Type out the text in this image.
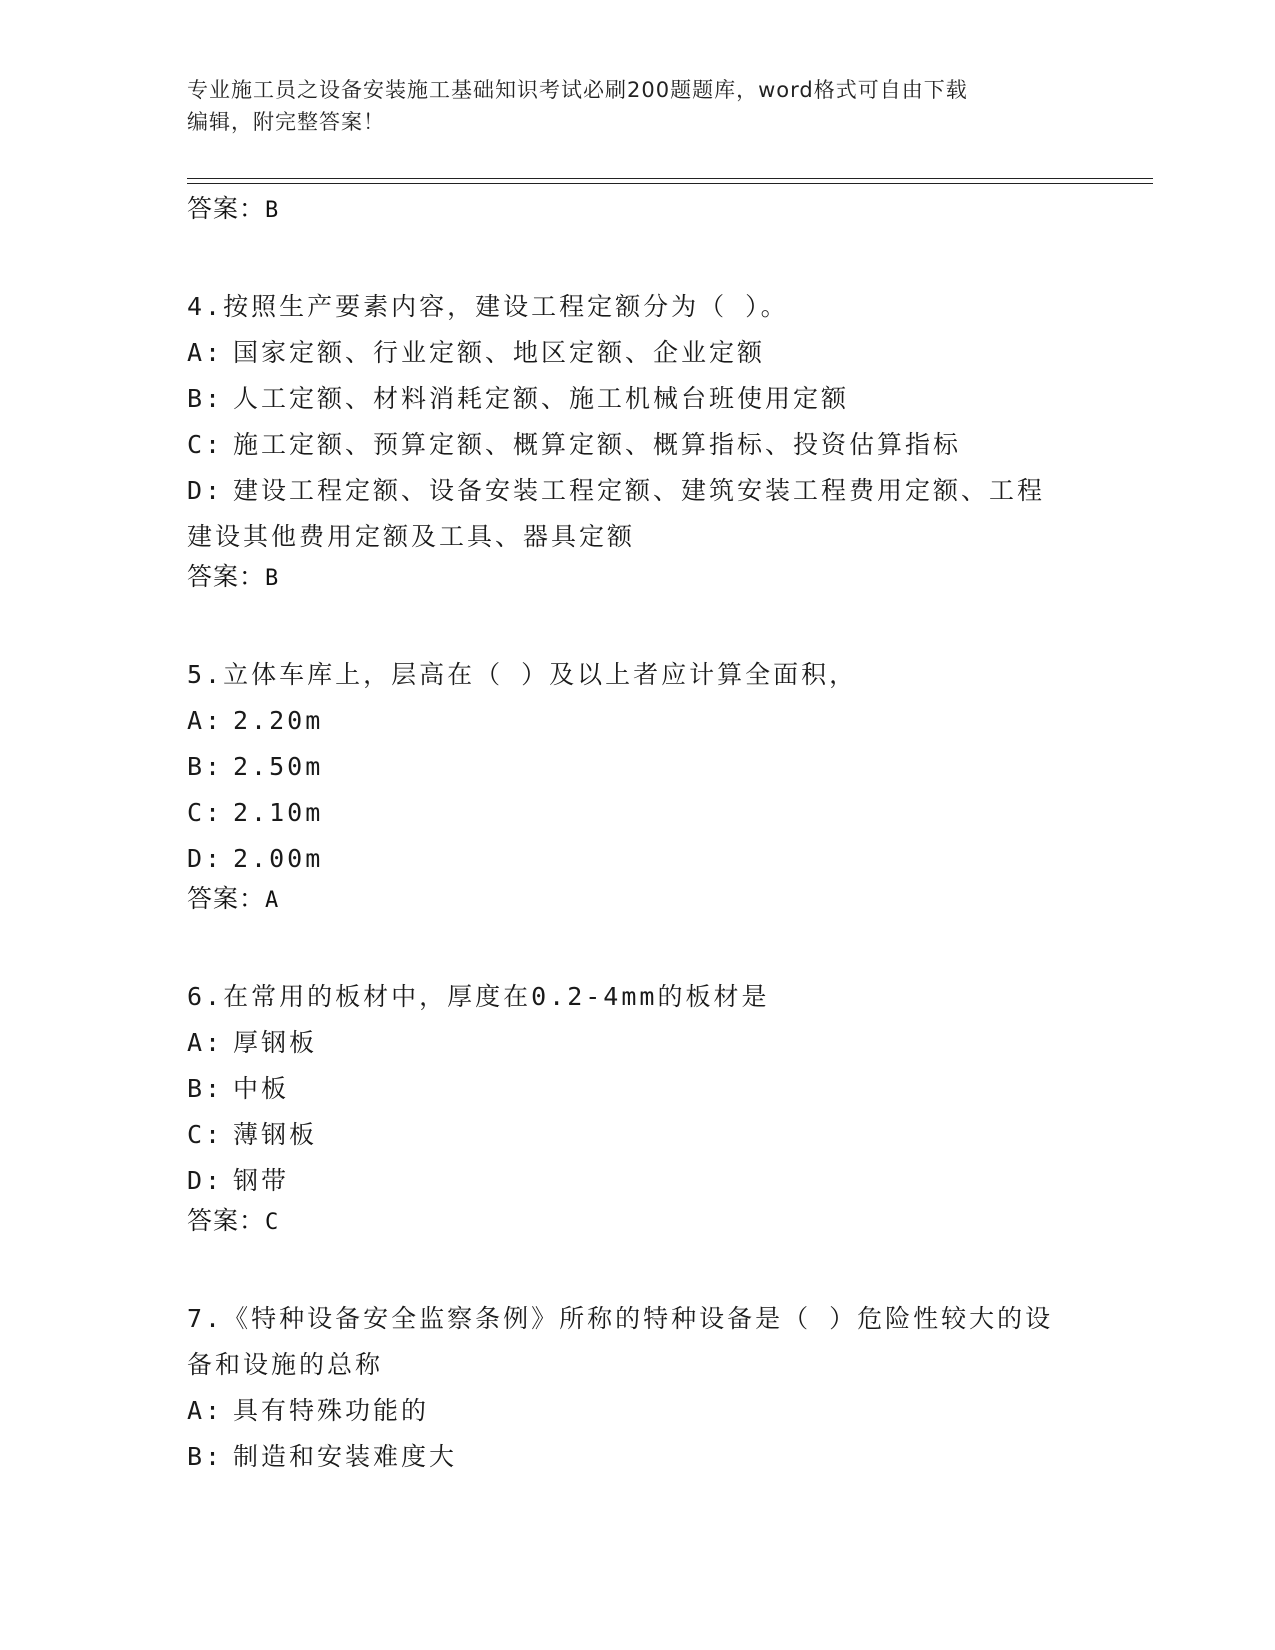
专业施工员之设备安装施工基础知识考试必刷200题题库，word格式可自由下载
编辑，附完整答案！
答案：B
4.按照生产要素内容，建设工程定额分为（ ）。
A: 国家定额、行业定额、地区定额、企业定额
B: 人工定额、材料消耗定额、施工机械台班使用定额
C: 施工定额、预算定额、概算定额、概算指标、投资估算指标
D: 建设工程定额、设备安装工程定额、建筑安装工程费用定额、工程
建设其他费用定额及工具、器具定额
答案：B
5.立体车库上，层高在（ ）及以上者应计算全面积，
A: 2.20m
B: 2.50m
C: 2.10m
D: 2.00m
答案：A
6.在常用的板材中，厚度在0.2-4mm的板材是
A: 厚钢板
B: 中板
C: 薄钢板
D: 钢带
答案：C
7.《特种设备安全监察条例》所称的特种设备是（ ）危险性较大的设
备和设施的总称
A: 具有特殊功能的
B: 制造和安装难度大
